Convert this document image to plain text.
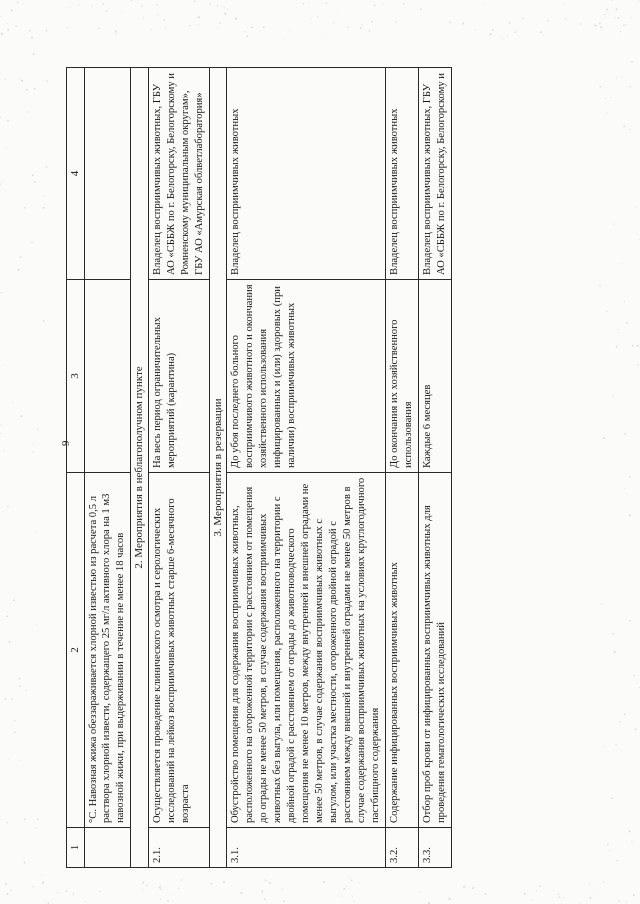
9
1	2	3	4
	°С. Навозная жижа обеззараживается хлорной известью из расчета 0,5 л раствора хлорной извести, содержащего 25 мг/л активного хлора на 1 м3 навозной жижи, при выдерживании в течение не менее 18 часов		
2. Мероприятия в неблагополучном пункте			
2.1.	Осуществляется проведение клинического осмотра и серологических исследований на лейкоз восприимчивых животных старше 6-месячного возраста	На весь период ограничительных мероприятий (карантина)	Владелец восприимчивых животных, ГБУ АО «СББЖ по г. Белогорску, Белогорскому и Ромненскому муниципальным округам», ГБУ АО «Амурская облветлаборатория»
3. Мероприятия в резервации			
3.1.	Обустройство помещения для содержания восприимчивых животных, расположенного на огороженной территории с расстоянием от помещения до ограды не менее 50 метров, в случае содержания восприимчивых животных без выгула, или помещения, расположенного на территории с двойной оградой с расстоянием от ограды до животноводческого помещения не менее 10 метров, между внутренней и внешней оградами не менее 50 метров, в случае содержания восприимчивых животных с выгулом, или участка местности, огороженного двойной оградой с расстоянием между внешней и внутренней оградами не менее 50 метров в случае содержания восприимчивых животных на условиях круглогодичного пастбищного содержания	До убоя последнего больного восприимчивого животного и окончания хозяйственного использования инфицированных и (или) здоровых (при наличии) восприимчивых животных	Владелец восприимчивых животных
3.2.	Содержание инфицированных восприимчивых животных	До окончания их хозяйственного использования	Владелец восприимчивых животных
3.3.	Отбор проб крови от инфицированных восприимчивых животных для проведения гематологических исследований	Каждые 6 месяцев	Владелец восприимчивых животных, ГБУ АО «СББЖ по г. Белогорску, Белогорскому и
